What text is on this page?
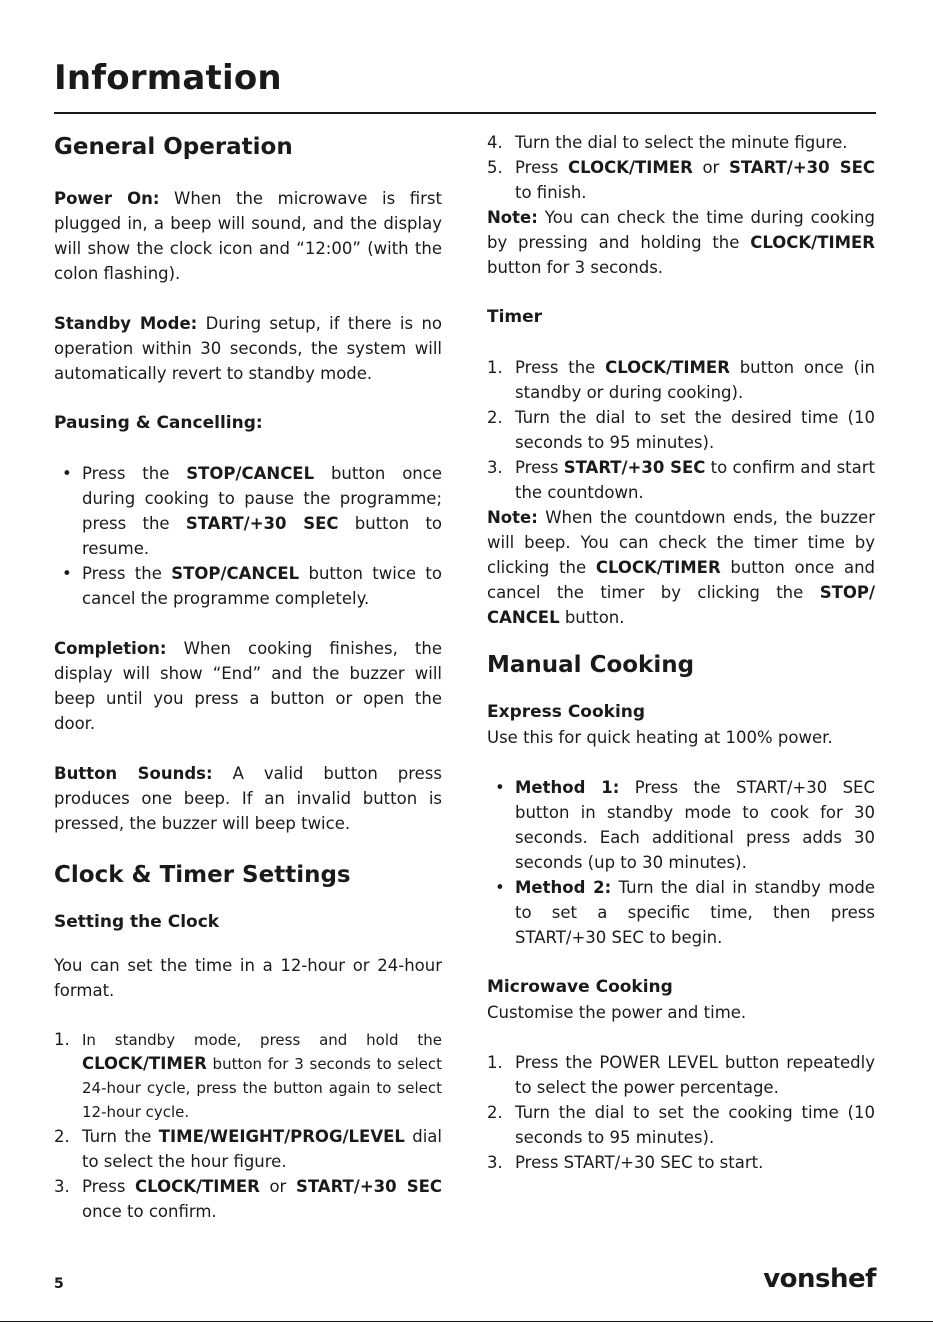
Information
General Operation

Power On: When the microwave is first plugged in, a beep will sound, and the display will show the clock icon and “12:00” (with the colon flashing).

Standby Mode: During setup, if there is no operation within 30 seconds, the system will automatically revert to standby mode.

Pausing & Cancelling:
• Press the STOP/CANCEL button once during cooking to pause the programme; press the START/+30 SEC button to resume.
• Press the STOP/CANCEL button twice to cancel the programme completely.

Completion: When cooking finishes, the display will show “End” and the buzzer will beep until you press a button or open the door.

Button Sounds: A valid button press produces one beep. If an invalid button is pressed, the buzzer will beep twice.

Clock & Timer Settings
Setting the Clock

You can set the time in a 12-hour or 24-hour format.

1. In standby mode, press and hold the CLOCK/TIMER button for 3 seconds to select 24-hour cycle, press the button again to select 12-hour cycle.
2. Turn the TIME/WEIGHT/PROG/LEVEL dial to select the hour figure.
3. Press CLOCK/TIMER or START/+30 SEC once to confirm.
4. Turn the dial to select the minute figure.
5. Press CLOCK/TIMER or START/+30 SEC to finish.

Note: You can check the time during cooking by pressing and holding the CLOCK/TIMER button for 3 seconds.

Timer
1. Press the CLOCK/TIMER button once (in standby or during cooking).
2. Turn the dial to set the desired time (10 seconds to 95 minutes).
3. Press START/+30 SEC to confirm and start the countdown.

Note: When the countdown ends, the buzzer will beep. You can check the timer time by clicking the CLOCK/TIMER button once and cancel the timer by clicking the STOP/ CANCEL button.

Manual Cooking
Express Cooking

Use this for quick heating at 100% power.

• Method 1: Press the START/+30 SEC button in standby mode to cook for 30 seconds. Each additional press adds 30 seconds (up to 30 minutes).
• Method 2: Turn the dial in standby mode to set a specific time, then press START/+30 SEC to begin.
Microwave Cooking

Customise the power and time.

1. Press the POWER LEVEL button repeatedly to select the power percentage.
2. Turn the dial to set the cooking time (10 seconds to 95 minutes).
3. Press START/+30 SEC to start.
5	vonshef
